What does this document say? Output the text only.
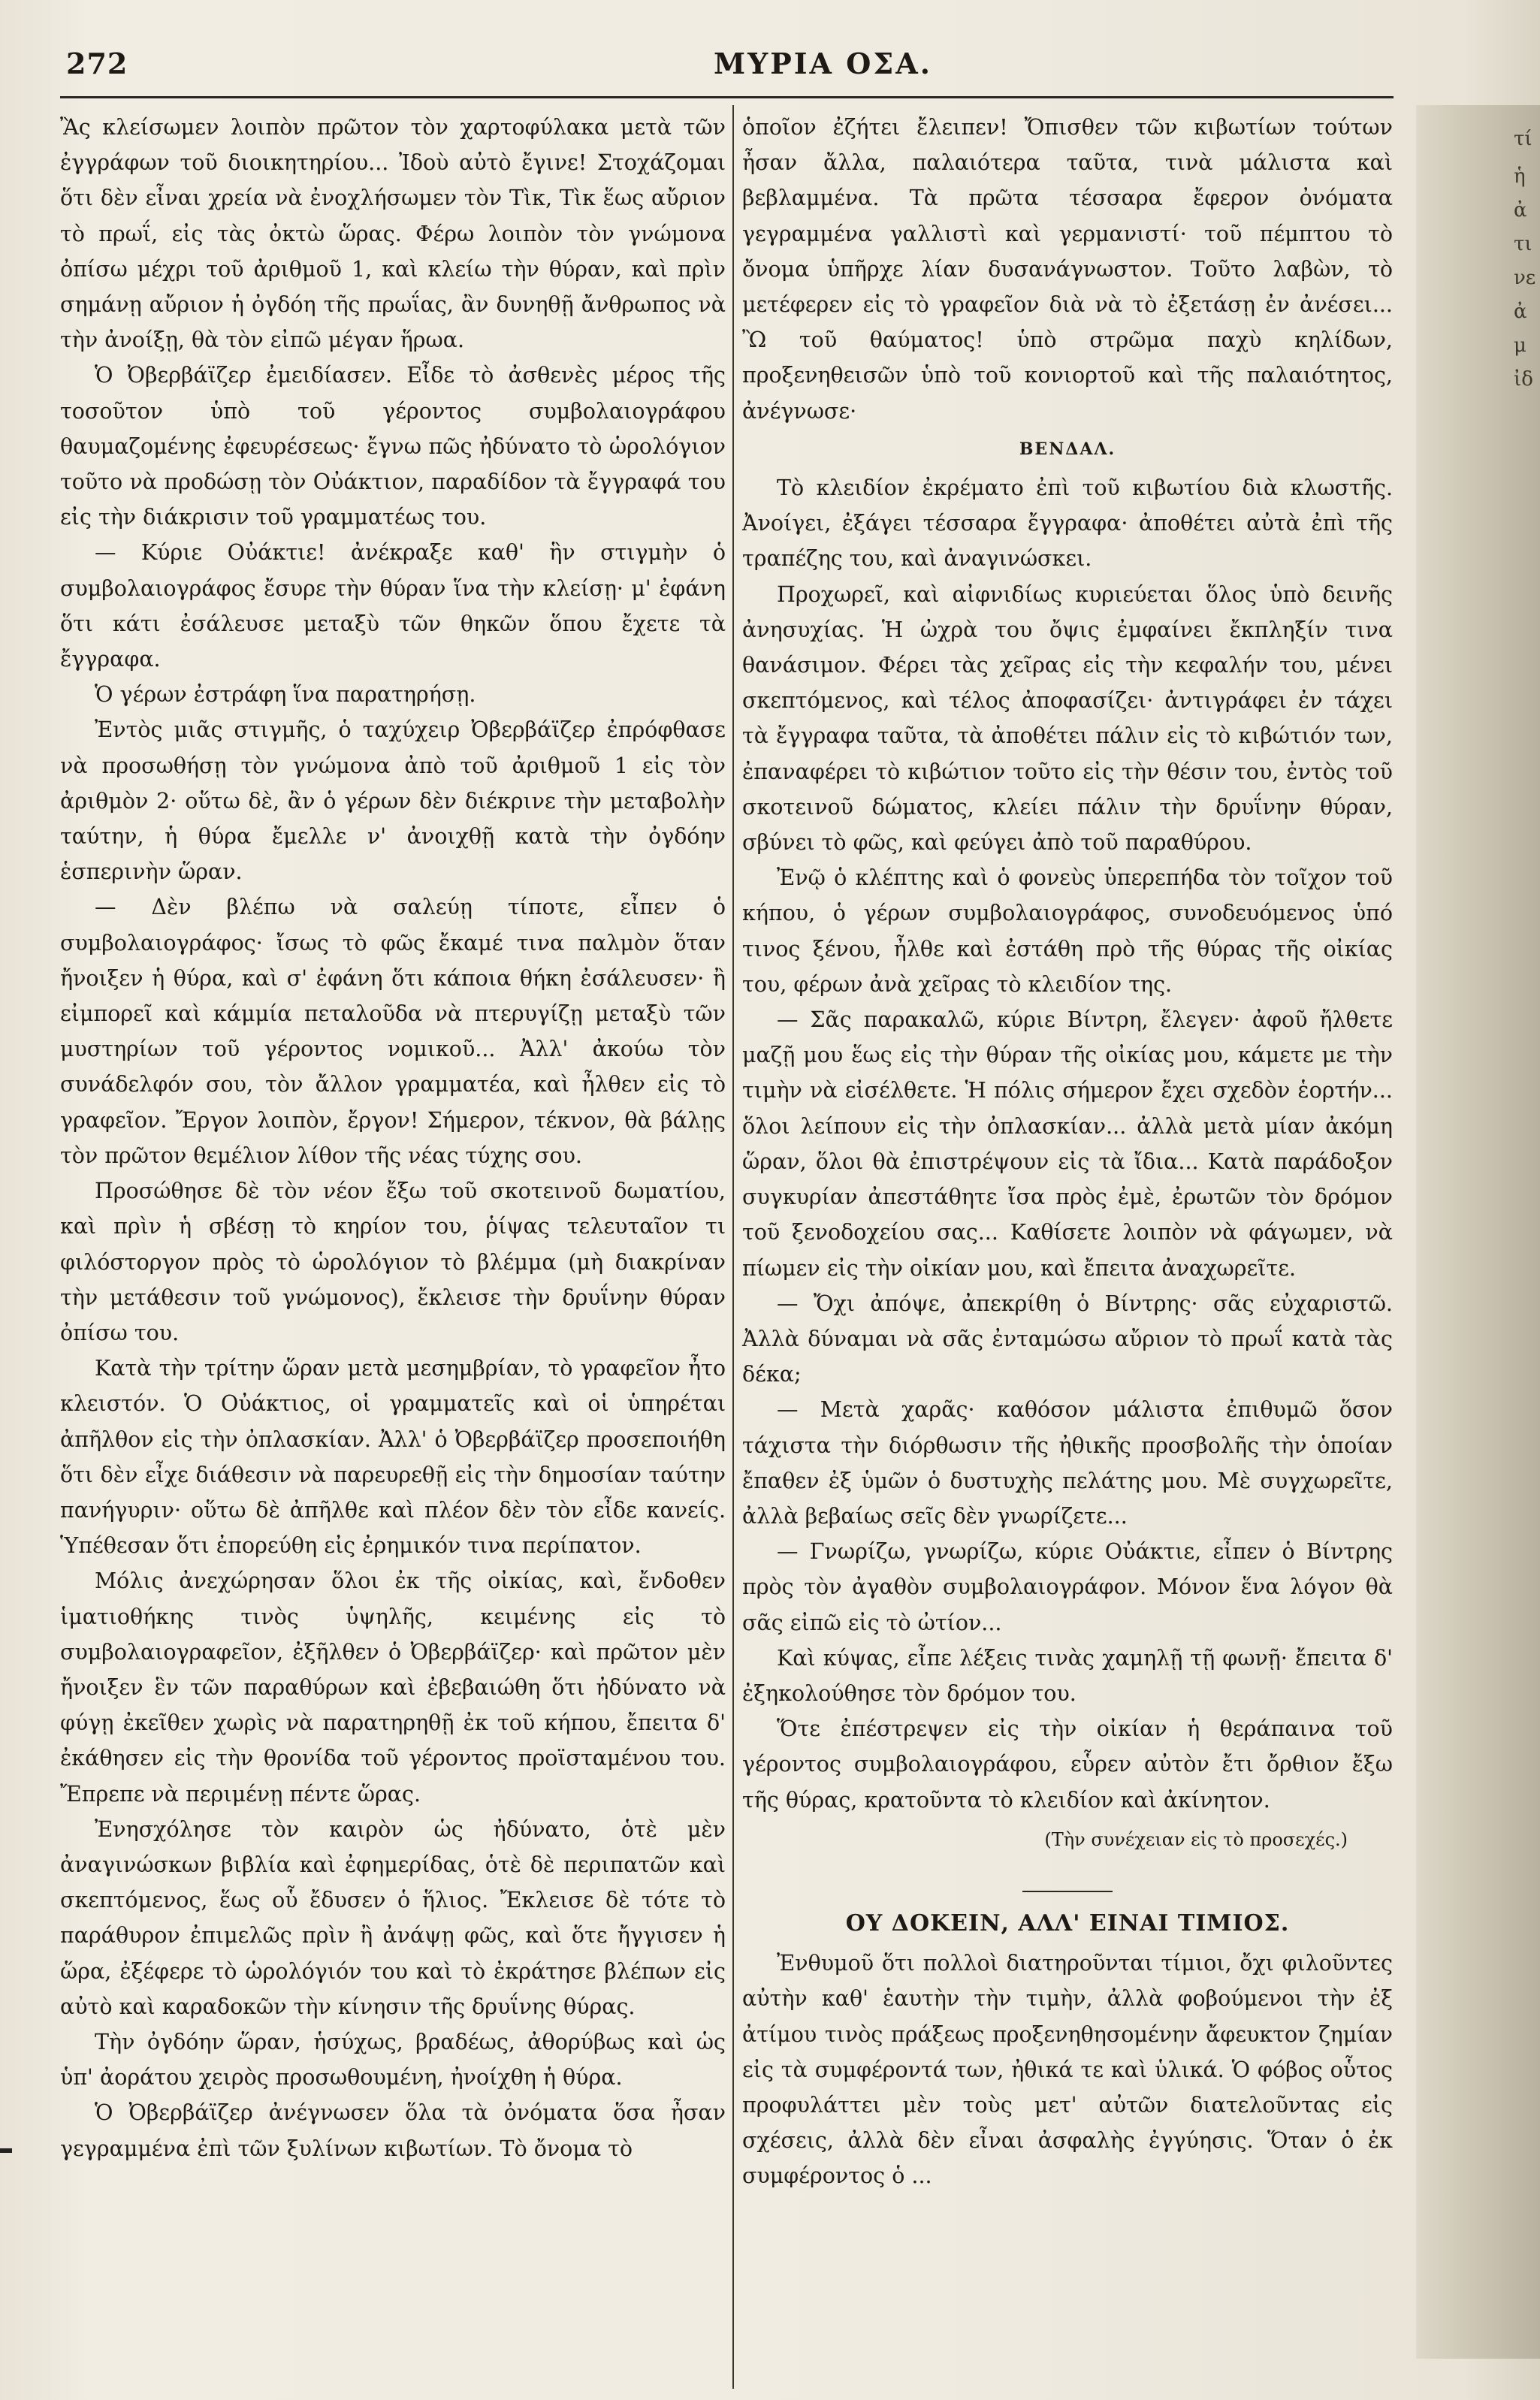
272	ΜΥΡΙΑ ΟΣΑ.

Ἂς κλείσωμεν λοιπὸν πρῶτον τὸν χαρτοφύλακα μετὰ τῶν ἐγγράφων τοῦ διοικητηρίου... Ἰδοὺ αὐτὸ ἔγινε! Στοχάζομαι ὅτι δὲν εἶναι χρεία νὰ ἐνοχλήσωμεν τὸν Τὶκ, Τὶκ ἕως αὔριον τὸ πρωΐ, εἰς τὰς ὀκτὼ ὥρας. Φέρω λοιπὸν τὸν γνώμονα ὀπίσω μέχρι τοῦ ἀριθμοῦ 1, καὶ κλείω τὴν θύραν, καὶ πρὶν σημάνῃ αὔριον ἡ ὀγδόη τῆς πρωΐας, ἂν δυνηθῇ ἄνθρωπος νὰ τὴν ἀνοίξῃ, θὰ τὸν εἰπῶ μέγαν ἥρωα.

Ὁ Ὀβερβάϊζερ ἐμειδίασεν. Εἶδε τὸ ἀσθενὲς μέρος τῆς τοσοῦτον ὑπὸ τοῦ γέροντος συμβολαιογράφου θαυμαζομένης ἐφευρέσεως· ἔγνω πῶς ἠδύνατο τὸ ὡρολόγιον τοῦτο νὰ προδώσῃ τὸν Οὐάκτιον, παραδίδον τὰ ἔγγραφά του εἰς τὴν διάκρισιν τοῦ γραμματέως του.

— Κύριε Οὐάκτιε! ἀνέκραξε καθ' ἣν στιγμὴν ὁ συμβολαιογράφος ἔσυρε τὴν θύραν ἵνα τὴν κλείσῃ· μ' ἐφάνη ὅτι κάτι ἐσάλευσε μεταξὺ τῶν θηκῶν ὅπου ἔχετε τὰ ἔγγραφα.

Ὁ γέρων ἐστράφη ἵνα παρατηρήσῃ.

Ἐντὸς μιᾶς στιγμῆς, ὁ ταχύχειρ Ὀβερβάϊζερ ἐπρόφθασε νὰ προσωθήσῃ τὸν γνώμονα ἀπὸ τοῦ ἀριθμοῦ 1 εἰς τὸν ἀριθμὸν 2· οὕτω δὲ, ἂν ὁ γέρων δὲν διέκρινε τὴν μεταβολὴν ταύτην, ἡ θύρα ἔμελλε ν' ἀνοιχθῇ κατὰ τὴν ὀγδόην ἑσπερινὴν ὥραν.

— Δὲν βλέπω νὰ σαλεύῃ τίποτε, εἶπεν ὁ συμβολαιογράφος· ἴσως τὸ φῶς ἔκαμέ τινα παλμὸν ὅταν ἤνοιξεν ἡ θύρα, καὶ σ' ἐφάνη ὅτι κάποια θήκη ἐσάλευσεν· ἢ εἰμπορεῖ καὶ κάμμία πεταλοῦδα νὰ πτερυγίζῃ μεταξὺ τῶν μυστηρίων τοῦ γέροντος νομικοῦ... Ἀλλ' ἀκούω τὸν συνάδελφόν σου, τὸν ἄλλον γραμματέα, καὶ ἦλθεν εἰς τὸ γραφεῖον. Ἔργον λοιπὸν, ἔργον! Σήμερον, τέκνον, θὰ βάλῃς τὸν πρῶτον θεμέλιον λίθον τῆς νέας τύχης σου.

Προσώθησε δὲ τὸν νέον ἔξω τοῦ σκοτεινοῦ δωματίου, καὶ πρὶν ἡ σβέσῃ τὸ κηρίον του, ῥίψας τελευταῖον τι φιλόστοργον πρὸς τὸ ὡρολόγιον τὸ βλέμμα (μὴ διακρίναν τὴν μετάθεσιν τοῦ γνώμονος), ἔκλεισε τὴν δρυΐνην θύραν ὀπίσω του.

Κατὰ τὴν τρίτην ὥραν μετὰ μεσημβρίαν, τὸ γραφεῖον ἦτο κλειστόν. Ὁ Οὐάκτιος, οἱ γραμματεῖς καὶ οἱ ὑπηρέται ἀπῆλθον εἰς τὴν ὀπλασκίαν. Ἀλλ' ὁ Ὀβερβάϊζερ προσεποιήθη ὅτι δὲν εἶχε διάθεσιν νὰ παρευρεθῇ εἰς τὴν δημοσίαν ταύτην πανήγυριν· οὕτω δὲ ἀπῆλθε καὶ πλέον δὲν τὸν εἶδε κανείς. Ὑπέθεσαν ὅτι ἐπορεύθη εἰς ἐρημικόν τινα περίπατον.

Μόλις ἀνεχώρησαν ὅλοι ἐκ τῆς οἰκίας, καὶ, ἔνδοθεν ἱματιοθήκης τινὸς ὑψηλῆς, κειμένης εἰς τὸ συμβολαιογραφεῖον, ἐξῆλθεν ὁ Ὀβερβάϊζερ· καὶ πρῶτον μὲν ἤνοιξεν ἓν τῶν παραθύρων καὶ ἐβεβαιώθη ὅτι ἠδύνατο νὰ φύγῃ ἐκεῖθεν χωρὶς νὰ παρατηρηθῇ ἐκ τοῦ κήπου, ἔπειτα δ' ἐκάθησεν εἰς τὴν θρονίδα τοῦ γέροντος προϊσταμένου του. Ἔπρεπε νὰ περιμένῃ πέντε ὥρας.

Ἐνησχόλησε τὸν καιρὸν ὡς ἠδύνατο, ὁτὲ μὲν ἀναγινώσκων βιβλία καὶ ἐφημερίδας, ὁτὲ δὲ περιπατῶν καὶ σκεπτόμενος, ἕως οὗ ἔδυσεν ὁ ἥλιος. Ἔκλεισε δὲ τότε τὸ παράθυρον ἐπιμελῶς πρὶν ἢ ἀνάψῃ φῶς, καὶ ὅτε ἤγγισεν ἡ ὥρα, ἐξέφερε τὸ ὡρολόγιόν του καὶ τὸ ἐκράτησε βλέπων εἰς αὐτὸ καὶ καραδοκῶν τὴν κίνησιν τῆς δρυΐνης θύρας.

Τὴν ὀγδόην ὥραν, ἡσύχως, βραδέως, ἀθορύβως καὶ ὡς ὑπ' ἀοράτου χειρὸς προσωθουμένη, ἠνοίχθη ἡ θύρα.

Ὁ Ὀβερβάϊζερ ἀνέγνωσεν ὅλα τὰ ὀνόματα ὅσα ἦσαν γεγραμμένα ἐπὶ τῶν ξυλίνων κιβωτίων. Τὸ ὄνομα τὸ

ὁποῖον ἐζήτει ἔλειπεν! Ὄπισθεν τῶν κιβωτίων τούτων ἦσαν ἄλλα, παλαιότερα ταῦτα, τινὰ μάλιστα καὶ βεβλαμμένα. Τὰ πρῶτα τέσσαρα ἔφερον ὀνόματα γεγραμμένα γαλλιστὶ καὶ γερμανιστί· τοῦ πέμπτου τὸ ὄνομα ὑπῆρχε λίαν δυσανάγνωστον. Τοῦτο λαβὼν, τὸ μετέφερεν εἰς τὸ γραφεῖον διὰ νὰ τὸ ἐξετάσῃ ἐν ἀνέσει... Ὢ τοῦ θαύματος! ὑπὸ στρῶμα παχὺ κηλίδων, προξενηθεισῶν ὑπὸ τοῦ κονιορτοῦ καὶ τῆς παλαιότητος, ἀνέγνωσε·

ΒΕΝΔΑΛ.

Τὸ κλειδίον ἐκρέματο ἐπὶ τοῦ κιβωτίου διὰ κλωστῆς. Ἀνοίγει, ἐξάγει τέσσαρα ἔγγραφα· ἀποθέτει αὐτὰ ἐπὶ τῆς τραπέζης του, καὶ ἀναγινώσκει.

Προχωρεῖ, καὶ αἰφνιδίως κυριεύεται ὅλος ὑπὸ δεινῆς ἀνησυχίας. Ἡ ὠχρὰ του ὄψις ἐμφαίνει ἔκπληξίν τινα θανάσιμον. Φέρει τὰς χεῖρας εἰς τὴν κεφαλήν του, μένει σκεπτόμενος, καὶ τέλος ἀποφασίζει· ἀντιγράφει ἐν τάχει τὰ ἔγγραφα ταῦτα, τὰ ἀποθέτει πάλιν εἰς τὸ κιβώτιόν των, ἐπαναφέρει τὸ κιβώτιον τοῦτο εἰς τὴν θέσιν του, ἐντὸς τοῦ σκοτεινοῦ δώματος, κλείει πάλιν τὴν δρυΐνην θύραν, σβύνει τὸ φῶς, καὶ φεύγει ἀπὸ τοῦ παραθύρου.

Ἐνῷ ὁ κλέπτης καὶ ὁ φονεὺς ὑπερεπήδα τὸν τοῖχον τοῦ κήπου, ὁ γέρων συμβολαιογράφος, συνοδευόμενος ὑπό τινος ξένου, ἦλθε καὶ ἐστάθη πρὸ τῆς θύρας τῆς οἰκίας του, φέρων ἀνὰ χεῖρας τὸ κλειδίον της.

— Σᾶς παρακαλῶ, κύριε Βίντρη, ἔλεγεν· ἀφοῦ ἤλθετε μαζῇ μου ἕως εἰς τὴν θύραν τῆς οἰκίας μου, κάμετε με τὴν τιμὴν νὰ εἰσέλθετε. Ἡ πόλις σήμερον ἔχει σχεδὸν ἑορτήν... ὅλοι λείπουν εἰς τὴν ὀπλασκίαν... ἀλλὰ μετὰ μίαν ἀκόμη ὥραν, ὅλοι θὰ ἐπιστρέψουν εἰς τὰ ἴδια... Κατὰ παράδοξον συγκυρίαν ἀπεστάθητε ἴσα πρὸς ἐμὲ, ἐρωτῶν τὸν δρόμον τοῦ ξενοδοχείου σας... Καθίσετε λοιπὸν νὰ φάγωμεν, νὰ πίωμεν εἰς τὴν οἰκίαν μου, καὶ ἔπειτα ἀναχωρεῖτε.

— Ὄχι ἀπόψε, ἀπεκρίθη ὁ Βίντρης· σᾶς εὐχαριστῶ. Ἀλλὰ δύναμαι νὰ σᾶς ἐνταμώσω αὔριον τὸ πρωΐ κατὰ τὰς δέκα;

— Μετὰ χαρᾶς· καθόσον μάλιστα ἐπιθυμῶ ὅσον τάχιστα τὴν διόρθωσιν τῆς ἠθικῆς προσβολῆς τὴν ὁποίαν ἔπαθεν ἐξ ὑμῶν ὁ δυστυχὴς πελάτης μου. Μὲ συγχωρεῖτε, ἀλλὰ βεβαίως σεῖς δὲν γνωρίζετε...

— Γνωρίζω, γνωρίζω, κύριε Οὐάκτιε, εἶπεν ὁ Βίντρης πρὸς τὸν ἀγαθὸν συμβολαιογράφον. Μόνον ἕνα λόγον θὰ σᾶς εἰπῶ εἰς τὸ ὠτίον...

Καὶ κύψας, εἶπε λέξεις τινὰς χαμηλῇ τῇ φωνῇ· ἔπειτα δ' ἐξηκολούθησε τὸν δρόμον του.

Ὅτε ἐπέστρεψεν εἰς τὴν οἰκίαν ἡ θεράπαινα τοῦ γέροντος συμβολαιογράφου, εὗρεν αὐτὸν ἔτι ὄρθιον ἔξω τῆς θύρας, κρατοῦντα τὸ κλειδίον καὶ ἀκίνητον.

(Τὴν συνέχειαν εἰς τὸ προσεχές.)
ΟΥ ΔΟΚΕΙΝ, ΑΛΛ' ΕΙΝΑΙ ΤΙΜΙΟΣ.

Ἐνθυμοῦ ὅτι πολλοὶ διατηροῦνται τίμιοι, ὄχι φιλοῦντες αὐτὴν καθ' ἑαυτὴν τὴν τιμὴν, ἀλλὰ φοβούμενοι τὴν ἐξ ἀτίμου τινὸς πράξεως προξενηθησομένην ἄφευκτον ζημίαν εἰς τὰ συμφέροντά των, ἠθικά τε καὶ ὑλικά. Ὁ φόβος οὗτος προφυλάττει μὲν τοὺς μετ' αὐτῶν διατελοῦντας εἰς σχέσεις, ἀλλὰ δὲν εἶναι ἀσφαλὴς ἐγγύησις. Ὅταν ὁ ἐκ συμφέροντος ὁ ...

τί
ἡ
ἀ
τι
νε
ἀ
μ
ἰδ
